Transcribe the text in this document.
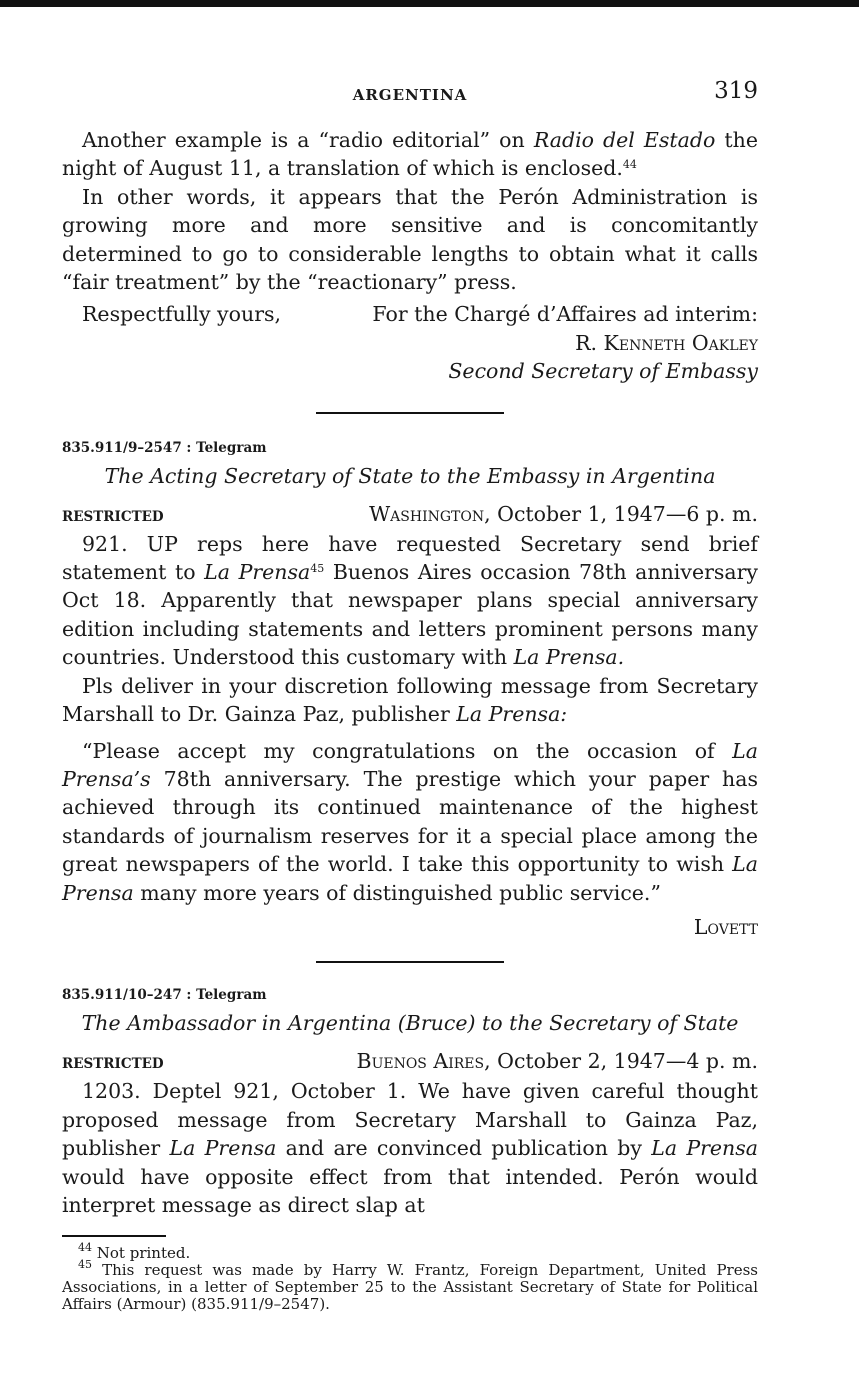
ARGENTINA	319

Another example is a “radio editorial” on Radio del Estado the night of August 11, a translation of which is enclosed.$^{44}$

In other words, it appears that the Perón Administration is growing more and more sensitive and is concomitantly determined to go to considerable lengths to obtain what it calls “fair treatment” by the “reactionary” press.

Respectfully yours,	For the Chargé d’Affaires ad interim:
R. Kenneth Oakley
Second Secretary of Embassy

835.911/9–2547 : Telegram

The Acting Secretary of State to the Embassy in Argentina

RESTRICTED	Washington, October 1, 1947—6 p. m.

921. UP reps here have requested Secretary send brief statement to La Prensa$^{45}$ Buenos Aires occasion 78th anniversary Oct 18. Apparently that newspaper plans special anniversary edition including statements and letters prominent persons many countries. Understood this customary with La Prensa.

Pls deliver in your discretion following message from Secretary Marshall to Dr. Gainza Paz, publisher La Prensa:

“Please accept my congratulations on the occasion of La Prensa’s 78th anniversary. The prestige which your paper has achieved through its continued maintenance of the highest standards of journalism reserves for it a special place among the great newspapers of the world. I take this opportunity to wish La Prensa many more years of distinguished public service.”

Lovett

835.911/10–247 : Telegram

The Ambassador in Argentina (Bruce) to the Secretary of State

RESTRICTED	Buenos Aires, October 2, 1947—4 p. m.

1203. Deptel 921, October 1. We have given careful thought proposed message from Secretary Marshall to Gainza Paz, publisher La Prensa and are convinced publication by La Prensa would have opposite effect from that intended. Perón would interpret message as direct slap at

$^{44}$ Not printed.

$^{45}$ This request was made by Harry W. Frantz, Foreign Department, United Press Associations, in a letter of September 25 to the Assistant Secretary of State for Political Affairs (Armour) (835.911/9–2547).
